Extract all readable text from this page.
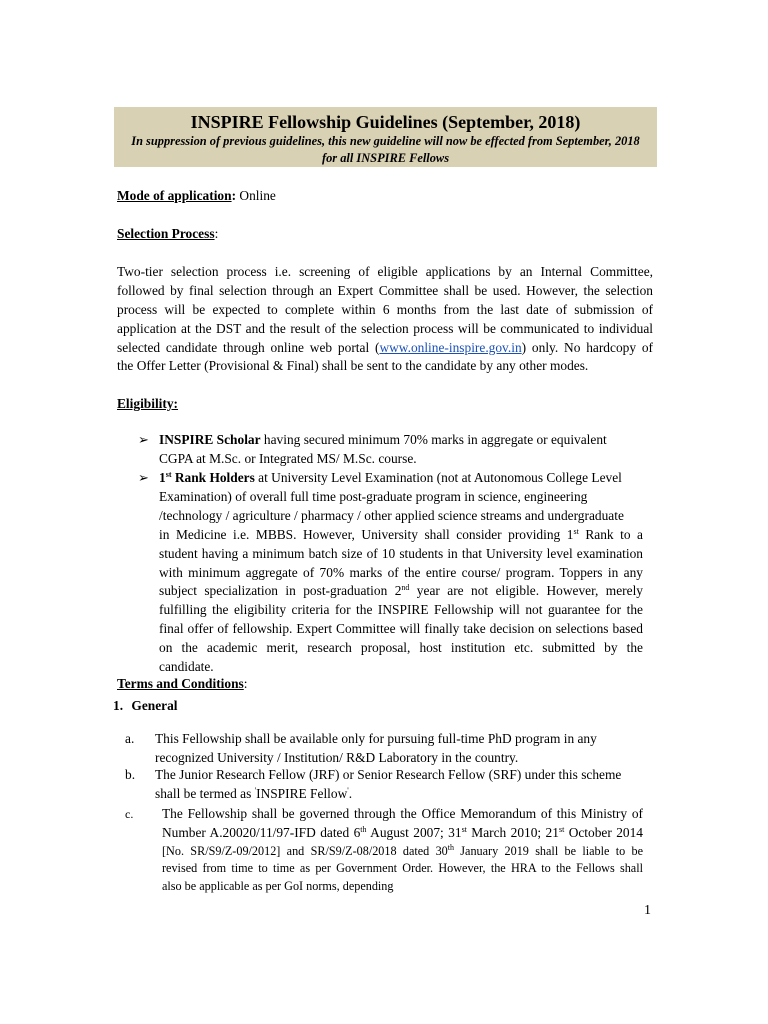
INSPIRE Fellowship Guidelines (September, 2018)
In suppression of previous guidelines, this new guideline will now be effected from September, 2018
for all INSPIRE Fellows
Mode of application: Online
Selection Process:
Two-tier selection process i.e. screening of eligible applications by an Internal Committee,
followed by final selection through an Expert Committee shall be used. However, the selection
process will be expected to complete within 6 months from the last date of submission of
application at the DST and the result of the selection process will be communicated to individual
selected candidate through online web portal (www.online-inspire.gov.in) only. No hardcopy of
the Offer Letter (Provisional & Final) shall be sent to the candidate by any other modes.
Eligibility:
➢ INSPIRE Scholar having secured minimum 70% marks in aggregate or equivalent
CGPA at M.Sc. or Integrated MS/ M.Sc. course.
➢ 1st Rank Holders at University Level Examination (not at Autonomous College Level
Examination) of overall full time post-graduate program in science, engineering
/technology / agriculture / pharmacy / other applied science streams and undergraduate
in Medicine i.e. MBBS. However, University shall consider providing 1st Rank to a
student having a minimum batch size of 10 students in that University level examination
with minimum aggregate of 70% marks of the entire course/ program. Toppers in any
subject specialization in post-graduation 2nd year are not eligible. However, merely
fulfilling the eligibility criteria for the INSPIRE Fellowship will not guarantee for the
final offer of fellowship. Expert Committee will finally take decision on selections based
on the academic merit, research proposal, host institution etc. submitted by the
candidate.
Terms and Conditions:
1. General
a. This Fellowship shall be available only for pursuing full-time PhD program in any
recognized University / Institution/ R&D Laboratory in the country.
b. The Junior Research Fellow (JRF) or Senior Research Fellow (SRF) under this scheme
shall be termed as 'INSPIRE Fellow'.
c. The Fellowship shall be governed through the Office Memorandum of this Ministry of
Number A.20020/11/97-IFD dated 6th August 2007; 31st March 2010; 21st October 2014
[No. SR/S9/Z-09/2012] and SR/S9/Z-08/2018 dated 30th January 2019 shall be liable to be
revised from time to time as per Government Order. However, the HRA to the Fellows shall
also be applicable as per GoI norms, depending
1
